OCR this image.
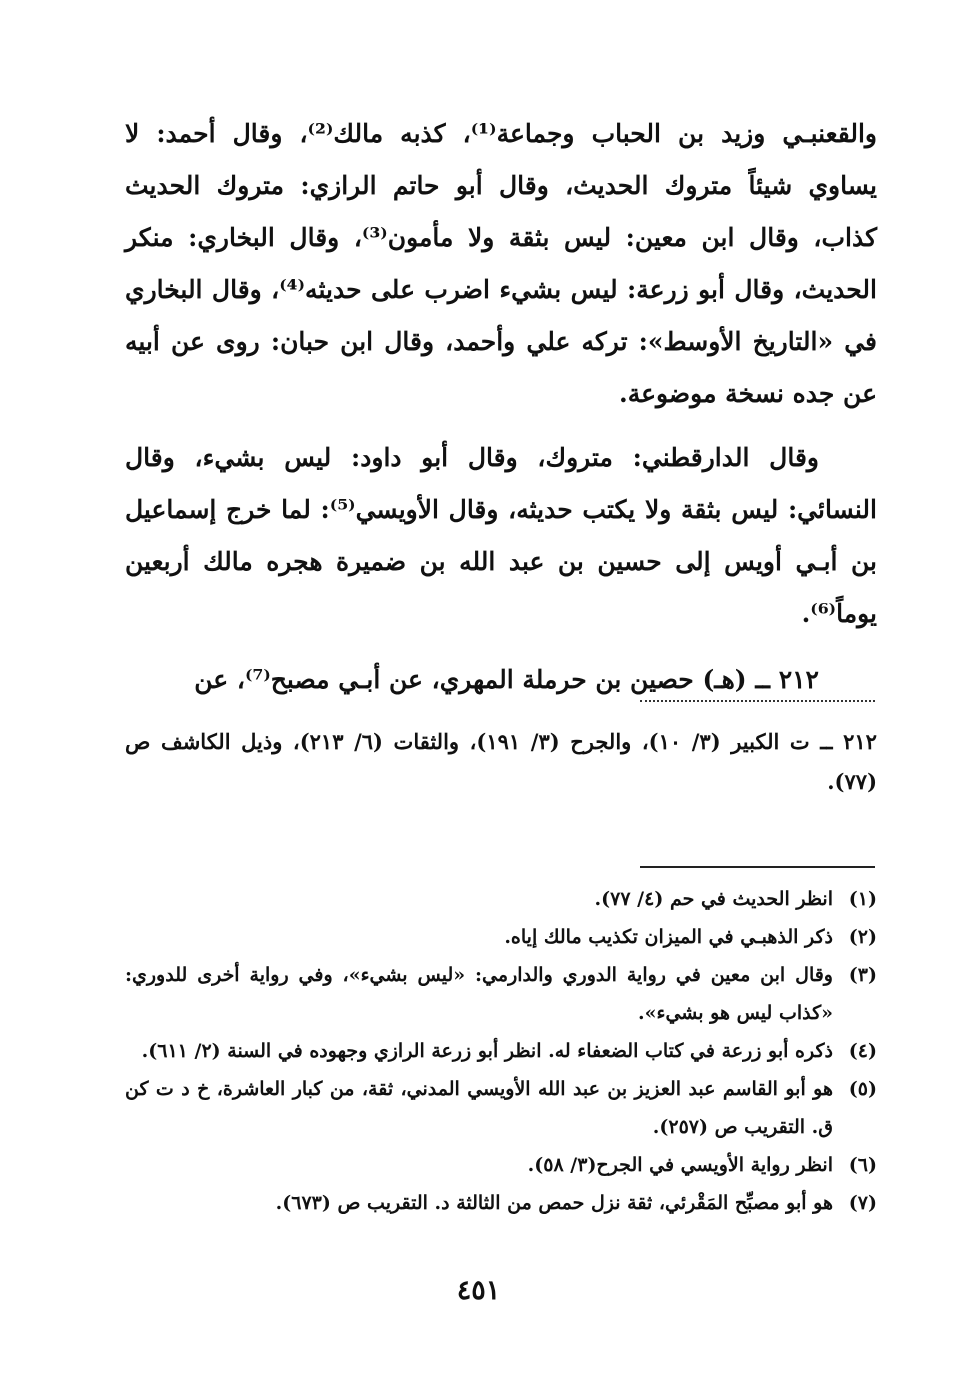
والقعنبـي وزيد بن الحباب وجماعة⁽¹⁾، كذبه مالك⁽²⁾، وقال أحمد: لا يساوي شيئاً متروك الحديث، وقال أبو حاتم الرازي: متروك الحديث كذاب، وقال ابن معين: ليس بثقة ولا مأمون⁽³⁾، وقال البخاري: منكر الحديث، وقال أبو زرعة: ليس بشيء اضرب على حديثه⁽⁴⁾، وقال البخاري في «التاريخ الأوسط»: تركه علي وأحمد، وقال ابن حبان: روى عن أبيه عن جده نسخة موضوعة.

وقال الدارقطني: متروك، وقال أبو داود: ليس بشيء، وقال النسائي: ليس بثقة ولا يكتب حديثه، وقال الأويسي⁽⁵⁾: لما خرج إسماعيل بن أبـي أويس إلى حسين بن عبد الله بن ضميرة هجره مالك أربعين يوماً⁽⁶⁾.

٢١٢ ــ (هـ) حصين بن حرملة المهري، عن أبـي مصبح⁽⁷⁾، عن

٢١٢ ــ ت الكبير (٣/ ١٠)، والجرح (٣/ ١٩١)، والثقات (٦/ ٢١٣)، وذيل الكاشف ص (٧٧).
(١)
انظر الحديث في حم (٤/ ٧٧).
(٢)
ذكر الذهبـي في الميزان تكذيب مالك إياه.
(٣)
وقال ابن معين في رواية الدوري والدارمي: «ليس بشيء»، وفي رواية أخرى للدوري: «كذاب ليس هو بشيء».
(٤)
ذكره أبو زرعة في كتاب الضعفاء له. انظر أبو زرعة الرازي وجهوده في السنة (٢/ ٦١١).
(٥)
هو أبو القاسم عبد العزيز بن عبد الله الأويسي المدني، ثقة، من كبار العاشرة، خ د ت كن ق. التقريب ص (٢٥٧).
(٦)
انظر رواية الأويسي في الجرح(٣/ ٥٨).
(٧)
هو أبو مصبِّح المَقْرئي، ثقة نزل حمص من الثالثة د. التقريب ص (٦٧٣).
٤٥١
